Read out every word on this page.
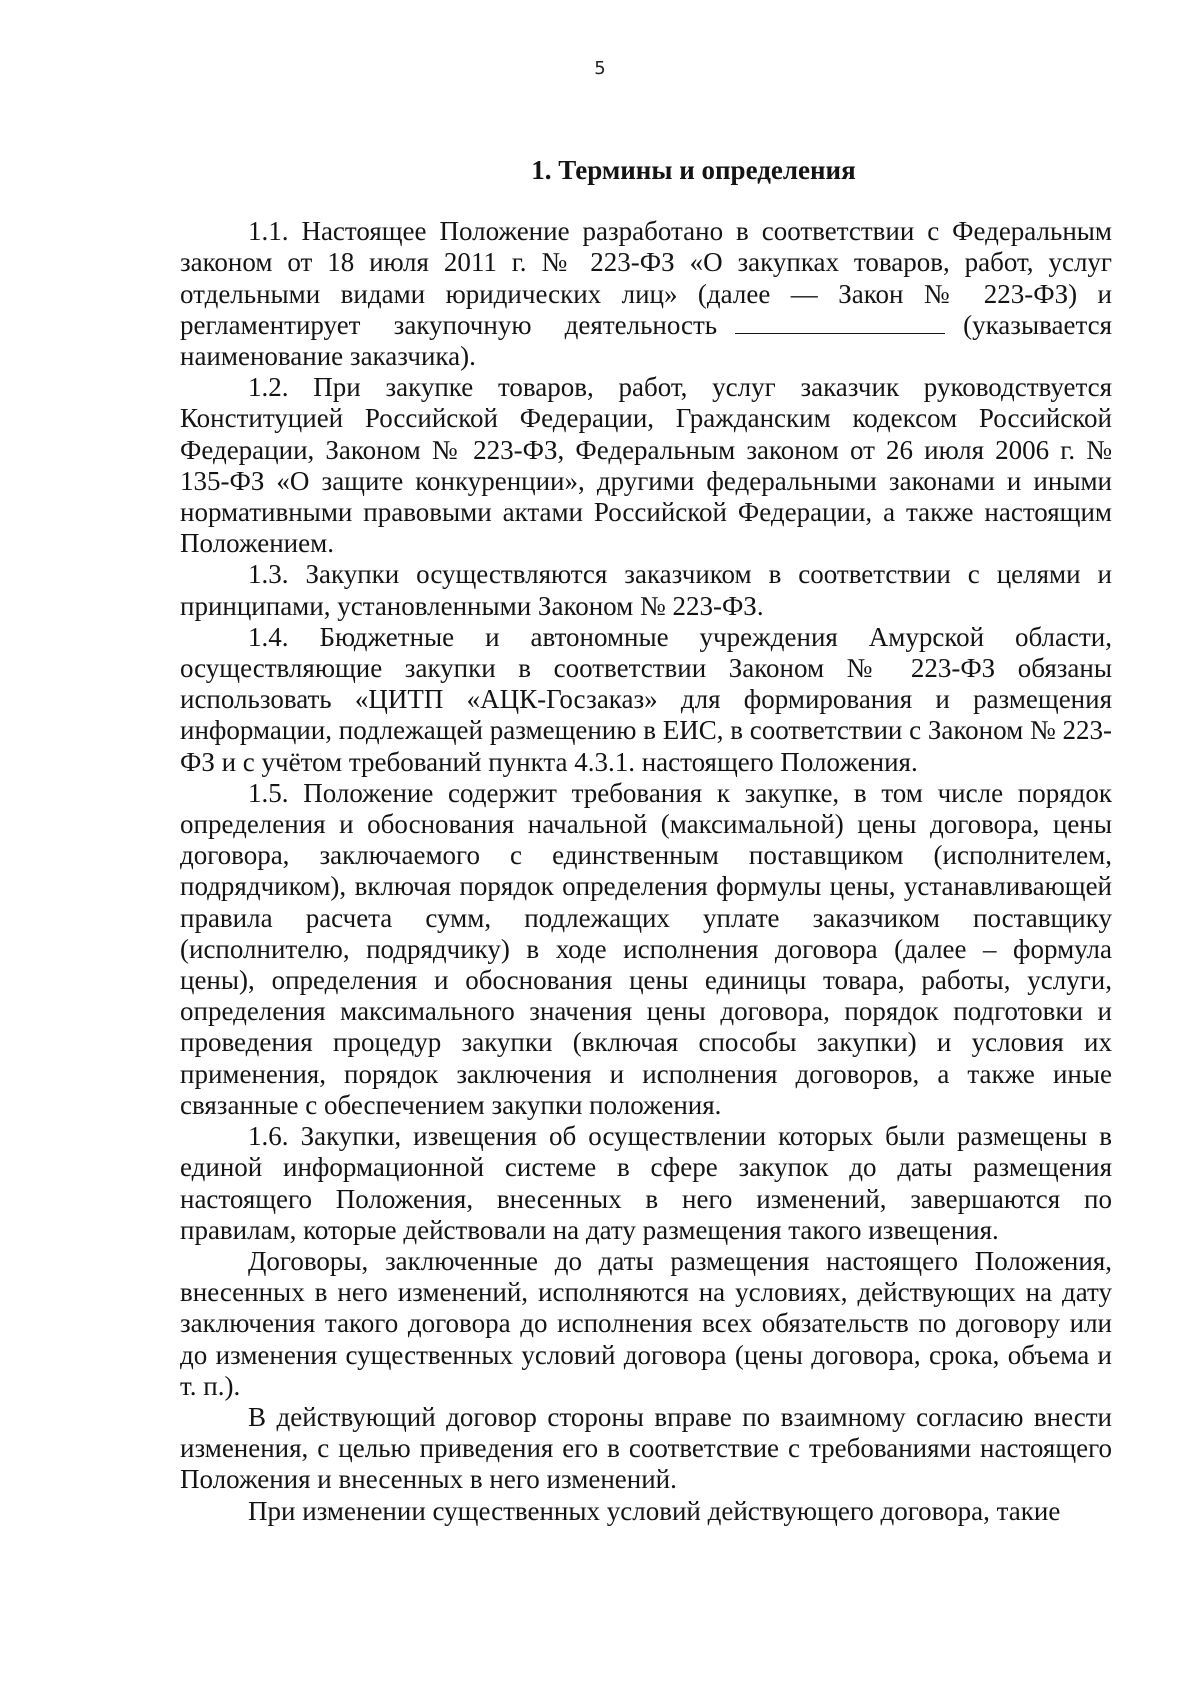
5
1. Термины и определения

1.1. Настоящее Положение разработано в соответствии с Федеральным законом от 18 июля 2011 г. № 223-ФЗ «О закупках товаров, работ, услуг отдельными видами юридических лиц» (далее — Закон № 223-ФЗ) и регламентирует закупочную деятельность	(указывается наименование заказчика).

1.2. При закупке товаров, работ, услуг заказчик руководствуется Конституцией Российской Федерации, Гражданским кодексом Российской Федерации, Законом № 223-ФЗ, Федеральным законом от 26 июля 2006 г. № 135-ФЗ «О защите конкуренции», другими федеральными законами и иными нормативными правовыми актами Российской Федерации, а также настоящим Положением.

1.3. Закупки осуществляются заказчиком в соответствии с целями и принципами, установленными Законом № 223-ФЗ.

1.4. Бюджетные и автономные учреждения Амурской области, осуществляющие закупки в соответствии Законом № 223-ФЗ обязаны использовать «ЦИТП «АЦК-Госзаказ» для формирования и размещения информации, подлежащей размещению в ЕИС, в соответствии с Законом № 223-ФЗ и с учётом требований пункта 4.3.1. настоящего Положения.

1.5. Положение содержит требования к закупке, в том числе порядок определения и обоснования начальной (максимальной) цены договора, цены договора, заключаемого с единственным поставщиком (исполнителем, подрядчиком), включая порядок определения формулы цены, устанавливающей правила расчета сумм, подлежащих уплате заказчиком поставщику (исполнителю, подрядчику) в ходе исполнения договора (далее – формула цены), определения и обоснования цены единицы товара, работы, услуги, определения максимального значения цены договора, порядок подготовки и проведения процедур закупки (включая способы закупки) и условия их применения, порядок заключения и исполнения договоров, а также иные связанные с обеспечением закупки положения.

1.6. Закупки, извещения об осуществлении которых были размещены в единой информационной системе в сфере закупок до даты размещения настоящего Положения, внесенных в него изменений, завершаются по правилам, которые действовали на дату размещения такого извещения.

Договоры, заключенные до даты размещения настоящего Положения, внесенных в него изменений, исполняются на условиях, действующих на дату заключения такого договора до исполнения всех обязательств по договору или до изменения существенных условий договора (цены договора, срока, объема и т. п.).

В действующий договор стороны вправе по взаимному согласию внести изменения, с целью приведения его в соответствие с требованиями настоящего Положения и внесенных в него изменений.

При изменении существенных условий действующего договора, такие
